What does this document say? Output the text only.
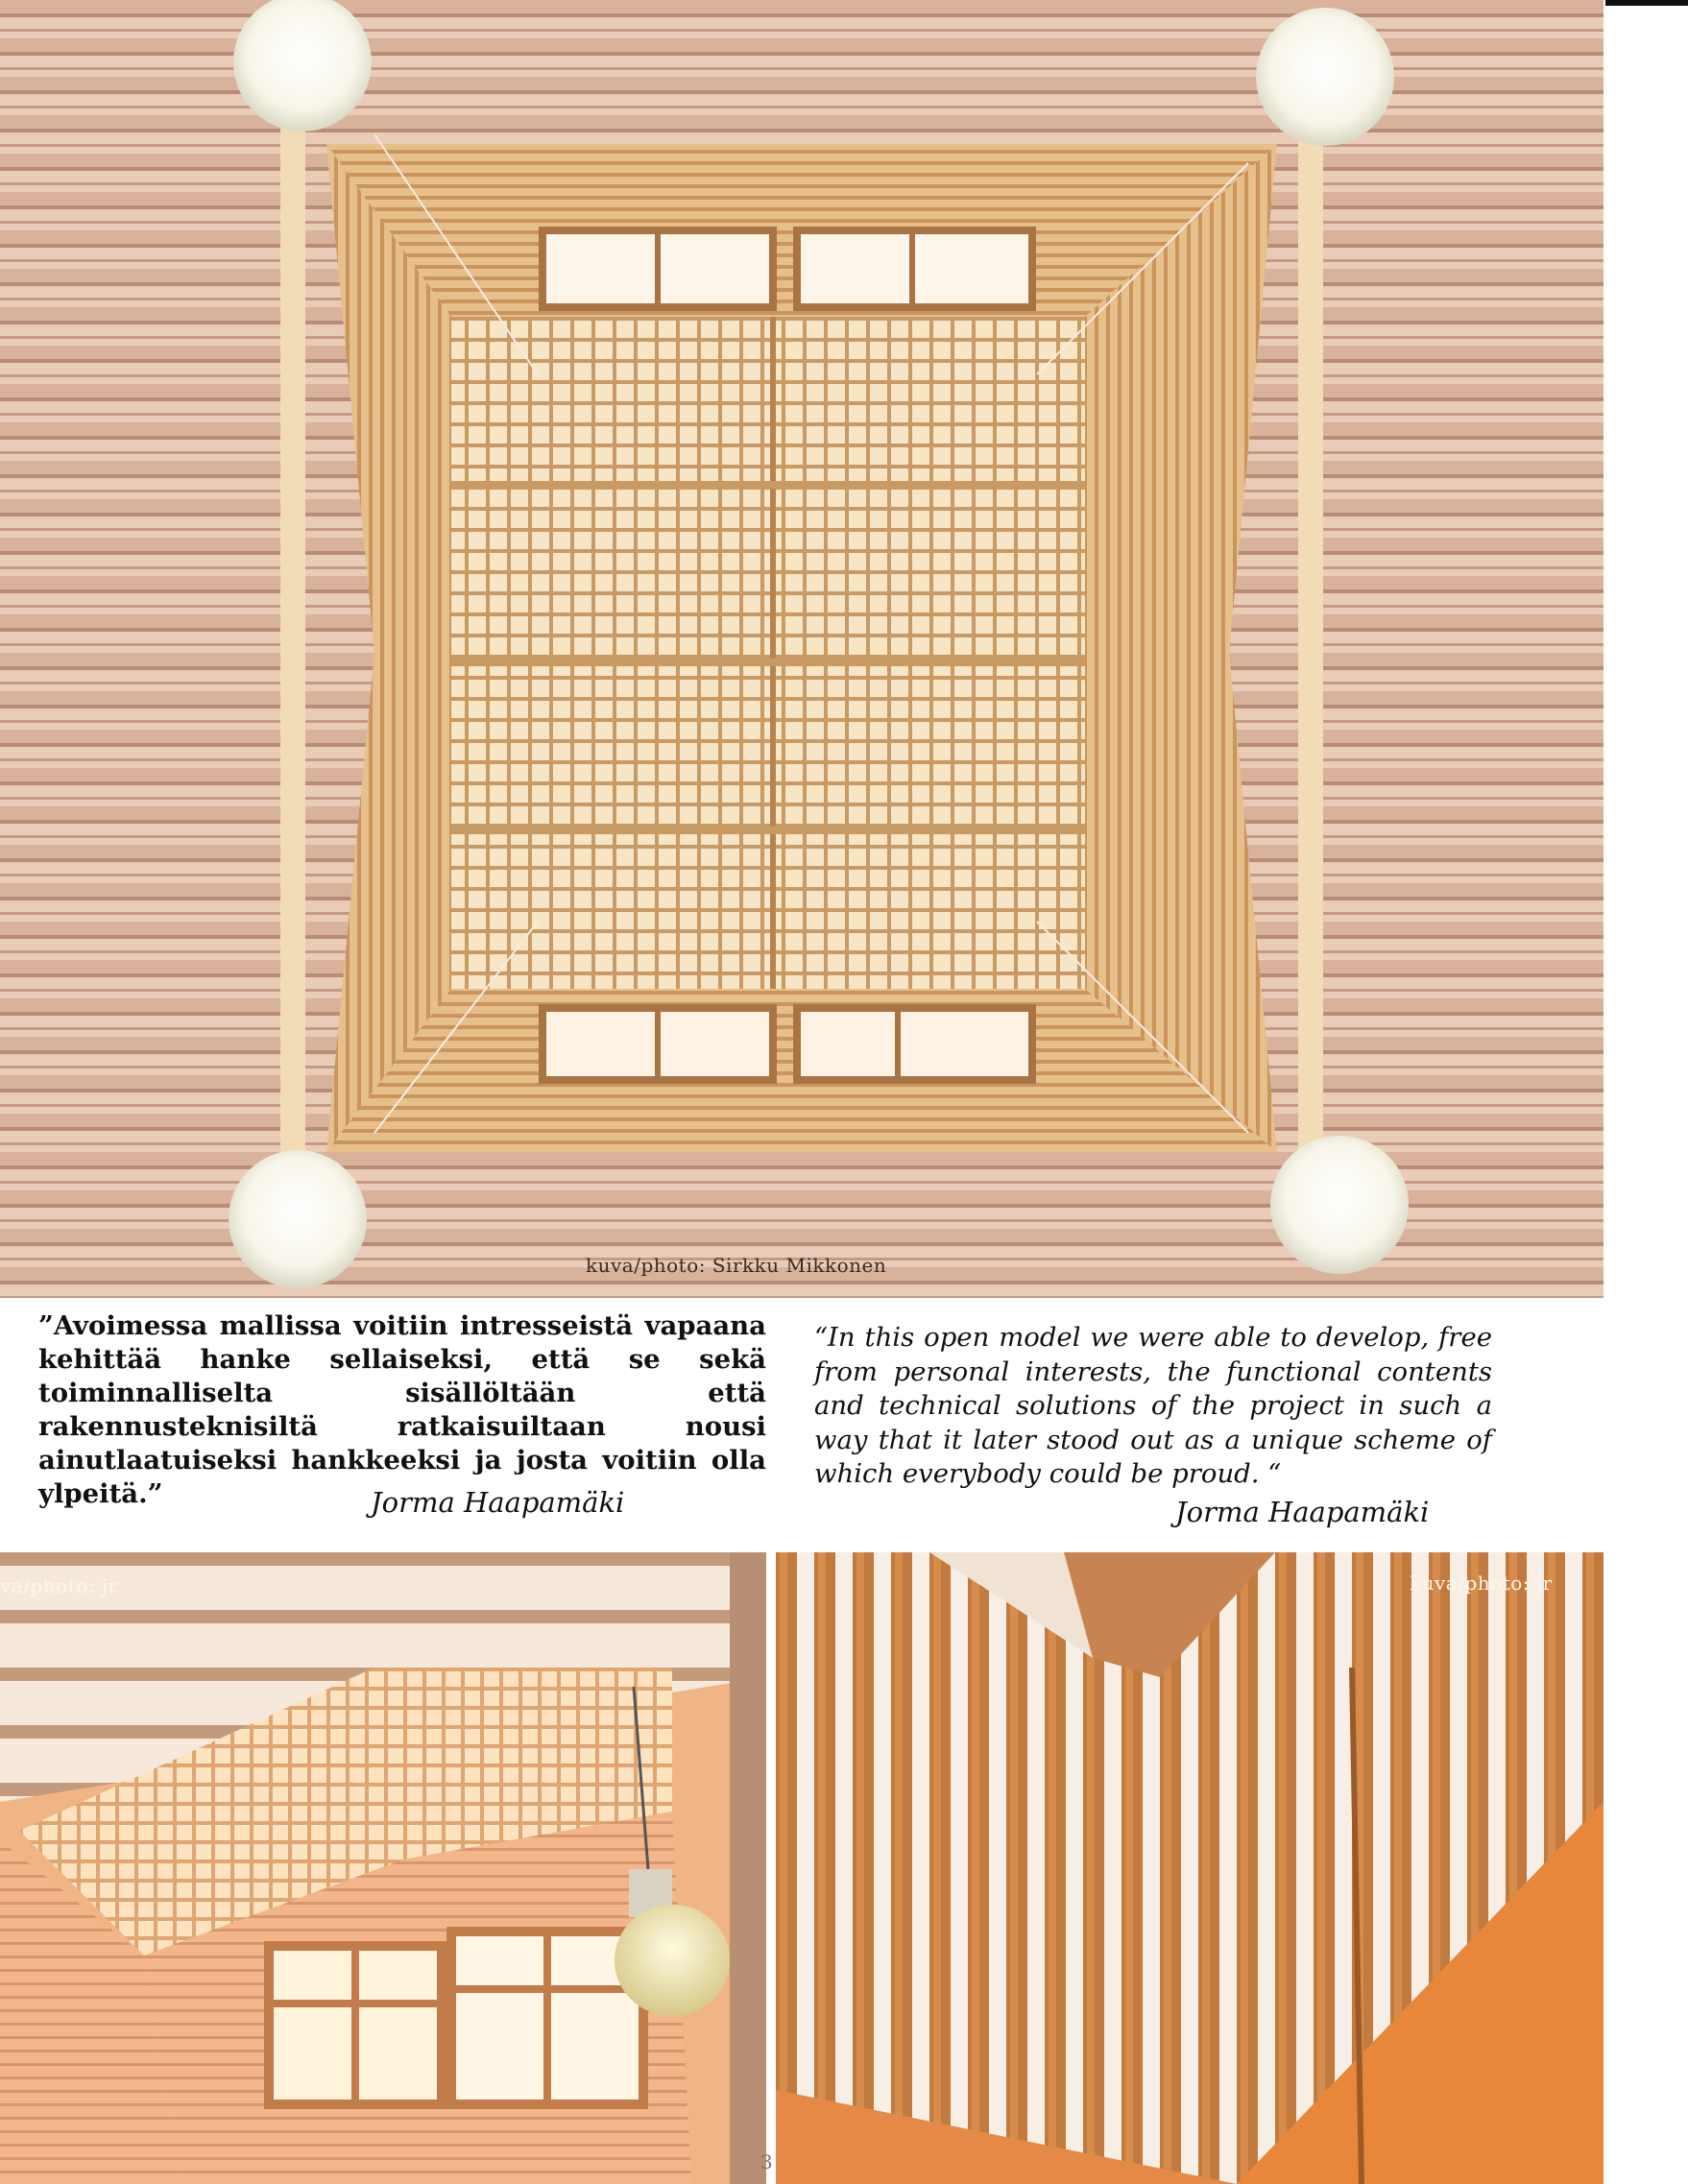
kuva/photo: Sirkku Mikkonen
”Avoimessa mallissa voitiin intresseistä vapaana kehittää hanke sellaiseksi, että se sekä toiminnalliselta sisällöltään että rakennusteknisiltä ratkaisuiltaan nousi ainutlaatuiseksi hankkeeksi ja josta voitiin olla ylpeitä.”	Jorma Haapamäki
“In this open model we were able to develop, free from personal interests, the functional contents and technical solutions of the project in such a way that it later stood out as a unique scheme of which everybody could be proud. “
Jorma Haapamäki
va/photo: jr	kuva/photo: jr
3
